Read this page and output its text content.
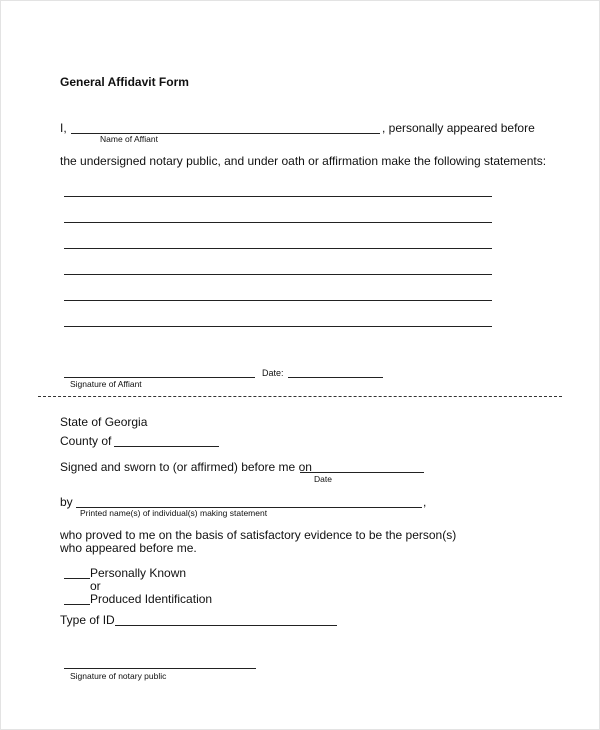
General Affidavit Form
I,	, personally appeared before
Name of Affiant
the undersigned notary public, and under oath or affirmation make the following statements:
Date:
Signature of Affiant
State of Georgia
County of
Signed and sworn to (or affirmed) before me on
Date
by	,
Printed name(s) of individual(s) making statement
who proved to me on the basis of satisfactory evidence to be the person(s)
who appeared before me.
Personally Known
or
Produced Identification
Type of ID
Signature of notary public
